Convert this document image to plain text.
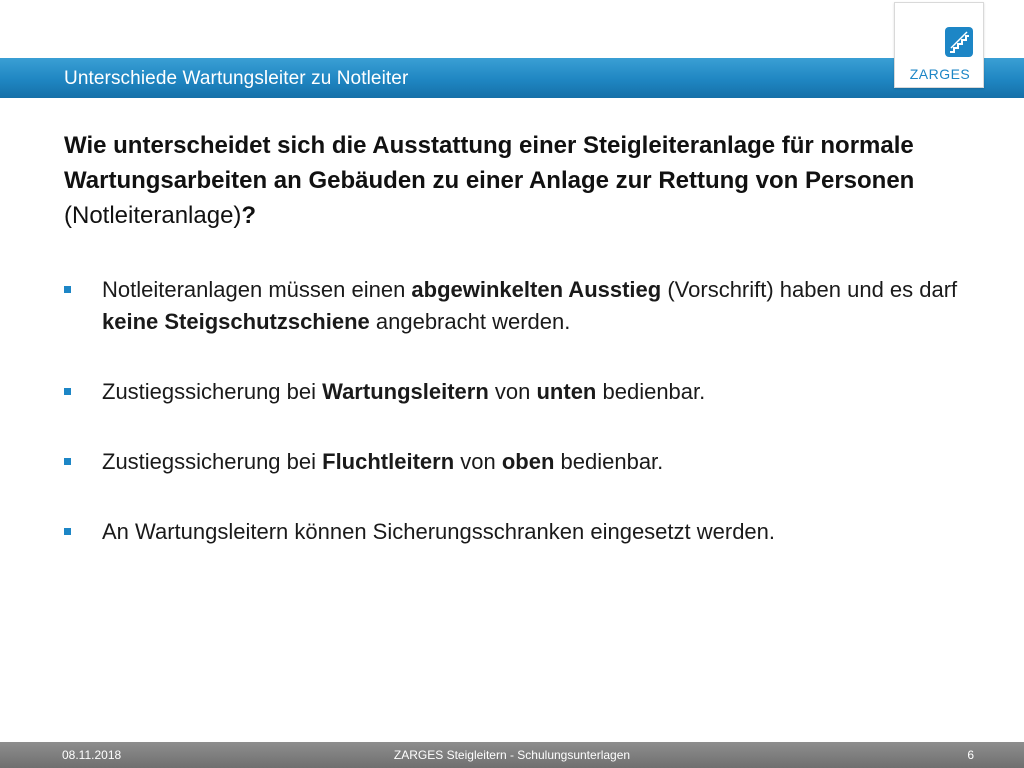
Unterschiede Wartungsleiter zu Notleiter	ZARGES
Wie unterscheidet sich die Ausstattung einer Steigleiteranlage für normale Wartungsarbeiten an Gebäuden zu einer Anlage zur Rettung von Personen (Notleiteranlage)?
Notleiteranlagen müssen einen abgewinkelten Ausstieg (Vorschrift) haben und es darf keine Steigschutzschiene angebracht werden.
Zustiegssicherung bei Wartungsleitern von unten bedienbar.
Zustiegssicherung bei Fluchtleitern von oben bedienbar.
An Wartungsleitern können Sicherungsschranken eingesetzt werden.
08.11.2018	ZARGES Steigleitern - Schulungsunterlagen	6
